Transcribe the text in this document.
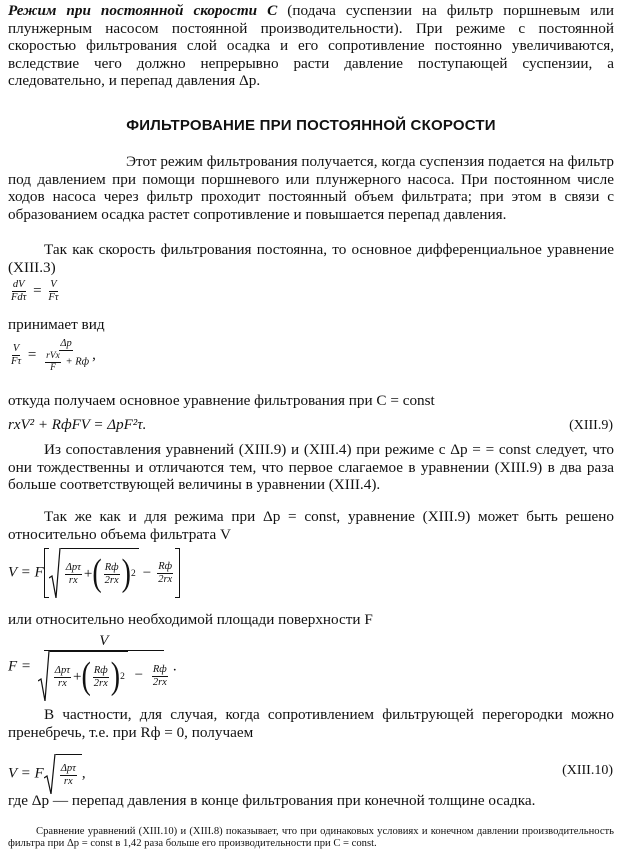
Режим при постоянной скорости C (подача суспензии на фильтр поршневым или плунжерным насосом постоянной производительности). При режиме с постоянной скоростью фильтрования слой осадка и его сопротивление постоянно увеличиваются, вследствие чего должно непрерывно расти давление поступающей суспензии, а следовательно, и перепад давления Δp.

ФИЛЬТРОВАНИЕ ПРИ ПОСТОЯННОЙ СКОРОСТИ

Этот режим фильтрования получается, когда суспензия подается на фильтр под давлением при помощи поршневого или плунжерного насоса. При постоянном числе ходов насоса через фильтр проходит постоянный объем фильтрата; при этом в связи с образованием осадка растет сопротивление и повышается перепад давления.

Так как скорость фильтрования постоянна, то основное дифференциальное уравнение (XIII.3)

$\frac{dV}{\text{Fdτ}} = \frac{V}{F\tau}$

принимает вид

$\frac{V}{F\tau} = \frac{\Delta p}{\frac{\text{rVx}}{F} + Rф}$ ,

откуда получаем основное уравнение фильтрования при C = const

rxV² + RфFV = ΔpF²τ.	(XIII.9)

Из сопоставления уравнений (XIII.9) и (XIII.4) при режиме с Δp = = const следует, что они тождественны и отличаются тем, что первое слагаемое в уравнении (XIII.9) в два раза больше соответствующей величины в уравнении (XIII.4).

Так же как и для режима при Δp = const, уравнение (XIII.9) может быть решено относительно объема фильтрата V

V = F $\frac{\text{Δpτ}}{rx}$ + ( $\frac{Rф}{2rx}$ ) $2 - \frac{Rф}{2rx}$

или относительно необходимой площади поверхности F

F =
V
$\frac{\text{Δpτ}}{rx}$ + ( $\frac{Rф}{2rx}$ ) $2 - \frac{Rф}{2rx}$ .

В частности, для случая, когда сопротивлением фильтрующей перегородки можно пренебречь, т.е. при Rф = 0, получаем

V = F $\frac{\text{Δpτ}}{rx}$ ,	(XIII.10)

где Δp — перепад давления в конце фильтрования при конечной толщине осадка.

Сравнение уравнений (XIII.10) и (XIII.8) показывает, что при одинаковых условиях и конечном давлении производительность фильтра при Δp = const в 1,42 раза больше его производительности при C = const.
